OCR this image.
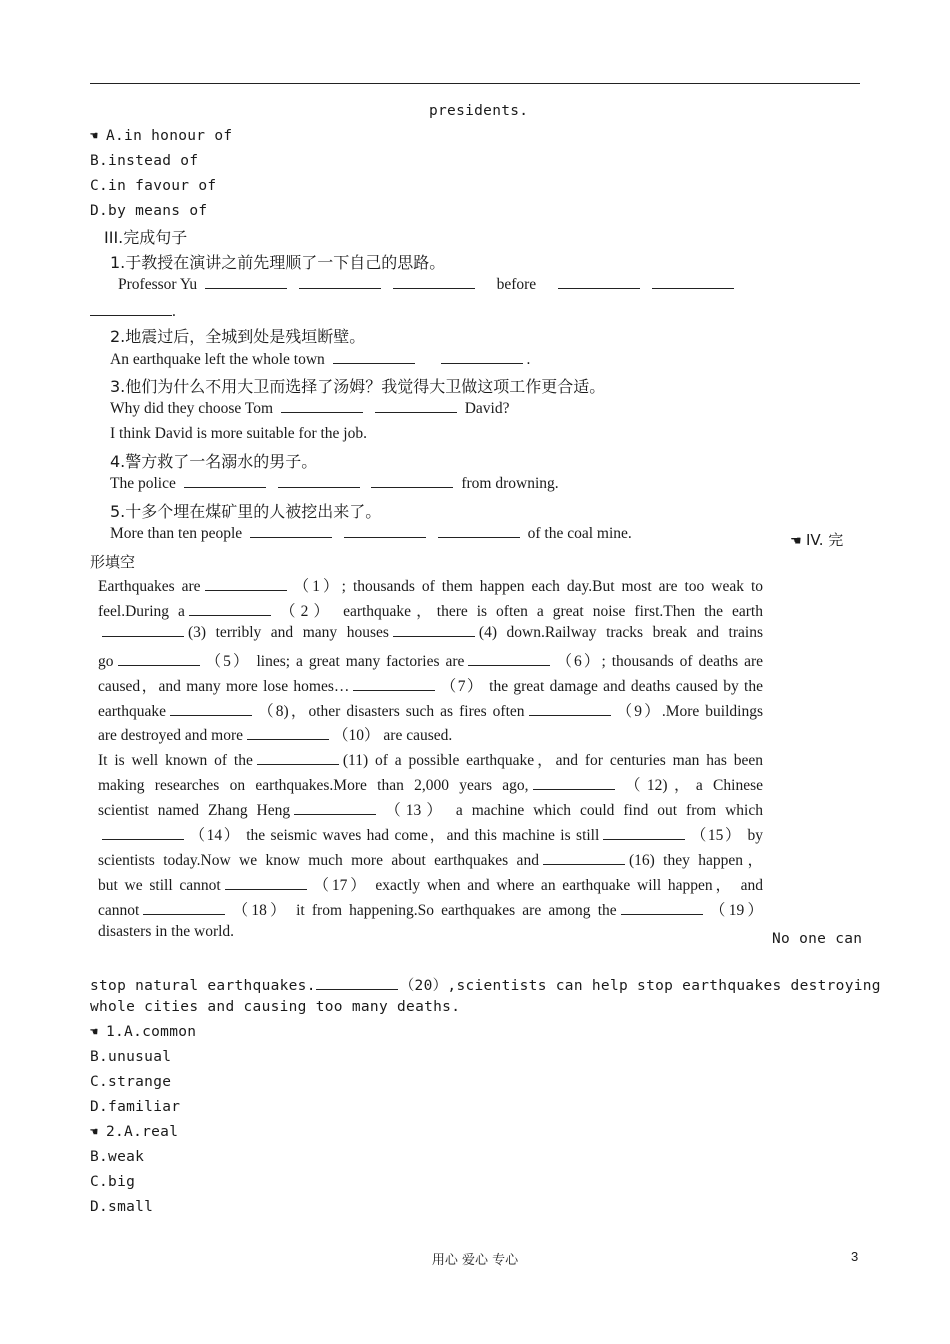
presidents.
☚ A.in honour of
B.instead of
C.in favour of
D.by means of
III.完成句子
1.于教授在演讲之前先理顺了一下自己的思路。
Professor Yu	before
.
2.地震过后，全城到处是残垣断壁。
An earthquake left the whole town	.
3.他们为什么不用大卫而选择了汤姆？我觉得大卫做这项工作更合适。
Why did they choose Tom	David?
I think David is more suitable for the job.
4.警方救了一名溺水的男子。
The police	from drowning.
5.十多个埋在煤矿里的人被挖出来了。
More than ten people	of the coal mine.	☚ IV. 完
形填空
Earthquakes are	（1）; thousands of them happen each day.But most are too weak to
feel.During a	（2） earthquake，there is often a great noise first.Then the earth
(3) terribly and many houses	(4) down.Railway tracks break and trains
go	（5） lines; a great many factories are	（6）; thousands of deaths are
caused，and many more lose homes…	（7） the great damage and deaths caused by the
earthquake	（8)，other disasters such as fires often	（9）.More buildings
are destroyed and more	（10） are caused.
It is well known of the	(11) of a possible earthquake，and for centuries man has been
making researches on earthquakes.More than 2,000 years ago,	（12)，a Chinese
scientist named Zhang Heng	（13） a machine which could find out from which
（14） the seismic waves had come，and this machine is still	（15） by
scientists today.Now we know much more about earthquakes and	(16) they happen，
but we still cannot	（17） exactly when and where an earthquake will happen， and
cannot	（18） it from happening.So earthquakes are among the	（19）
disasters in the world.	No one can
stop natural earthquakes.	（20）,scientists can help stop earthquakes destroying
whole cities and causing too many deaths.
☚ 1.A.common
B.unusual
C.strange
D.familiar
☚ 2.A.real
B.weak
C.big
D.small
用心 爱心 专心	3
